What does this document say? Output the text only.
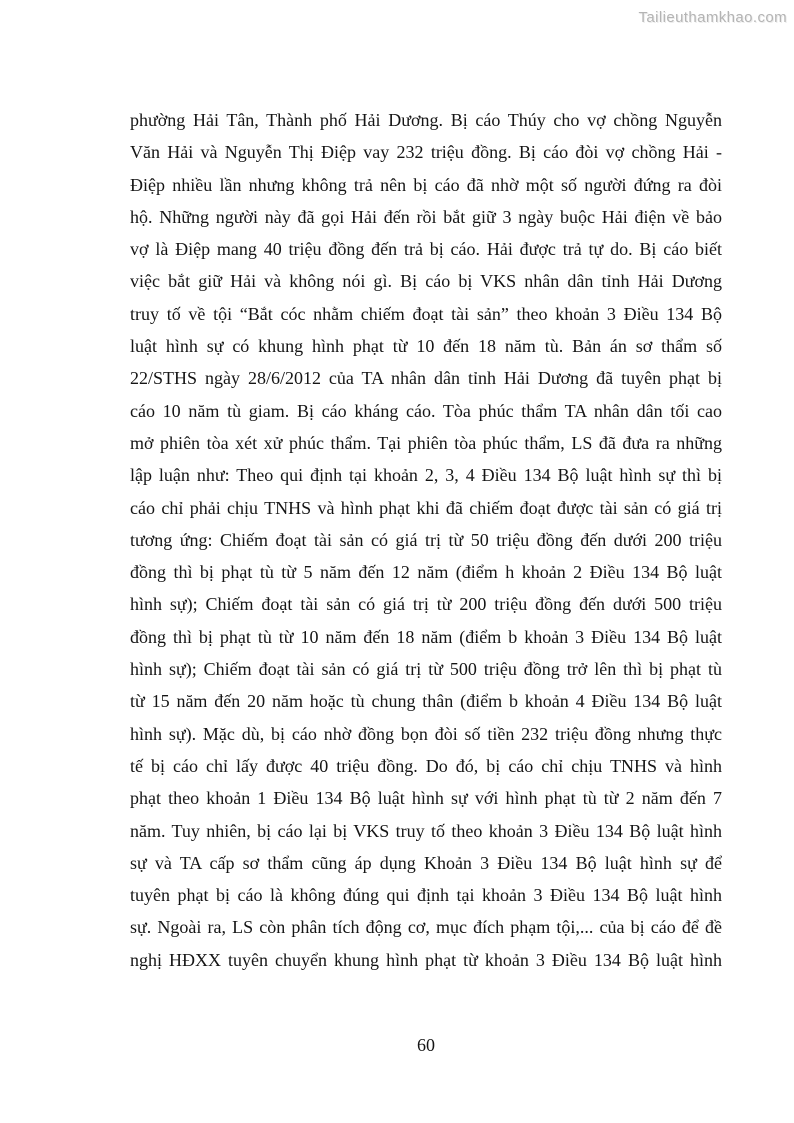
Tailieuthamkhao.com
phường Hải Tân, Thành phố Hải Dương. Bị cáo Thúy cho vợ chồng Nguyễn
Văn Hải và Nguyễn Thị Điệp vay 232 triệu đồng. Bị cáo đòi vợ chồng Hải -
Điệp nhiều lần nhưng không trả nên bị cáo đã nhờ một số người đứng ra đòi
hộ. Những người này đã gọi Hải đến rồi bắt giữ 3 ngày buộc Hải điện về bảo
vợ là Điệp mang 40 triệu đồng đến trả bị cáo. Hải được trả tự do. Bị cáo biết
việc bắt giữ Hải và không nói gì. Bị cáo bị VKS nhân dân tỉnh Hải Dương
truy tố về tội “Bắt cóc nhằm chiếm đoạt tài sản” theo khoản 3 Điều 134 Bộ
luật hình sự có khung hình phạt từ 10 đến 18 năm tù. Bản án sơ thẩm số
22/STHS ngày 28/6/2012 của TA nhân dân tỉnh Hải Dương đã tuyên phạt bị
cáo 10 năm tù giam. Bị cáo kháng cáo. Tòa phúc thẩm TA nhân dân tối cao
mở phiên tòa xét xử phúc thẩm. Tại phiên tòa phúc thẩm, LS đã đưa ra những
lập luận như: Theo qui định tại khoản 2, 3, 4 Điều 134 Bộ luật hình sự thì bị
cáo chỉ phải chịu TNHS và hình phạt khi đã chiếm đoạt được tài sản có giá trị
tương ứng: Chiếm đoạt tài sản có giá trị từ 50 triệu đồng đến dưới 200 triệu
đồng thì bị phạt tù từ 5 năm đến 12 năm (điểm h khoản 2 Điều 134 Bộ luật
hình sự); Chiếm đoạt tài sản có giá trị từ 200 triệu đồng đến dưới 500 triệu
đồng thì bị phạt tù từ 10 năm đến 18 năm (điểm b khoản 3 Điều 134 Bộ luật
hình sự); Chiếm đoạt tài sản có giá trị từ 500 triệu đồng trở lên thì bị phạt tù
từ 15 năm đến 20 năm hoặc tù chung thân (điểm b khoản 4 Điều 134 Bộ luật
hình sự). Mặc dù, bị cáo nhờ đồng bọn đòi số tiền 232 triệu đồng nhưng thực
tế bị cáo chỉ lấy được 40 triệu đồng. Do đó, bị cáo chỉ chịu TNHS và hình
phạt theo khoản 1 Điều 134 Bộ luật hình sự với hình phạt tù từ 2 năm đến 7
năm. Tuy nhiên, bị cáo lại bị VKS truy tố theo khoản 3 Điều 134 Bộ luật hình
sự và TA cấp sơ thẩm cũng áp dụng Khoản 3 Điều 134 Bộ luật hình sự để
tuyên phạt bị cáo là không đúng qui định tại khoản 3 Điều 134 Bộ luật hình
sự. Ngoài ra, LS còn phân tích động cơ, mục đích phạm tội,... của bị cáo để đề
nghị HĐXX tuyên chuyển khung hình phạt từ khoản 3 Điều 134 Bộ luật hình
60
